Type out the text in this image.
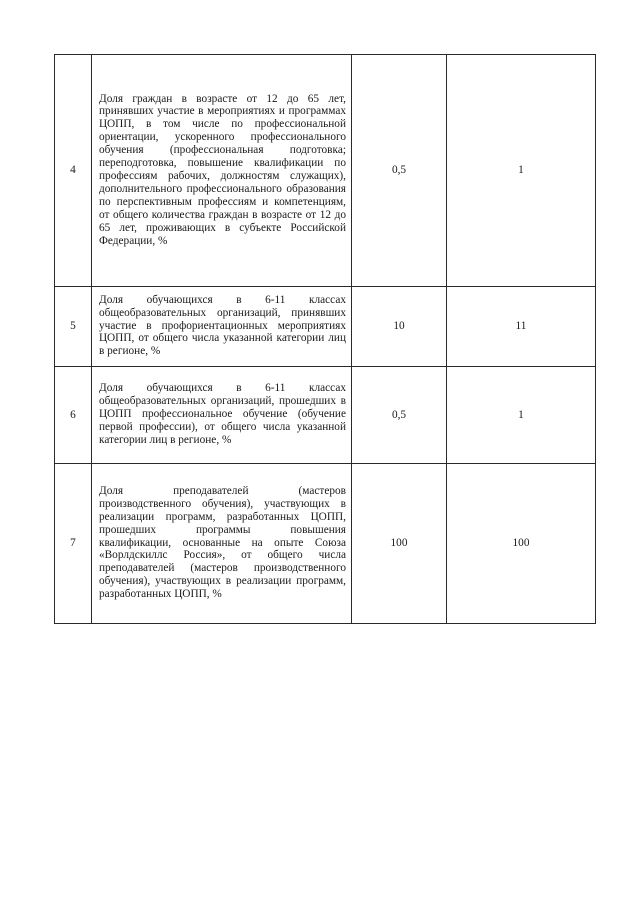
4	Доля граждан в возрасте от 12 до 65 лет, принявших участие в мероприятиях и программах ЦОПП, в том числе по профессиональной ориентации, ускоренного профессионального обучения (профессиональная подготовка; переподготовка, повышение квалификации по профессиям рабочих, должностям служащих), дополнительного профессионального образования по перспективным профессиям и компетенциям, от общего количества граждан в возрасте от 12 до 65 лет, проживающих в субъекте Российской Федерации, %	0,5	1
5	Доля обучающихся в 6-11 классах общеобразовательных организаций, принявших участие в профориентационных мероприятиях ЦОПП, от общего числа указанной категории лиц в регионе, %	10	11
6	Доля обучающихся в 6-11 классах общеобразовательных организаций, прошедших в ЦОПП профессиональное обучение (обучение первой профессии), от общего числа указанной категории лиц в регионе, %	0,5	1
7	Доля преподавателей (мастеров производственного обучения), участвующих в реализации программ, разработанных ЦОПП, прошедших программы повышения квалификации, основанные на опыте Союза «Ворлдскиллс Россия», от общего числа преподавателей (мастеров производственного обучения), участвующих в реализации программ, разработанных ЦОПП, %	100	100
